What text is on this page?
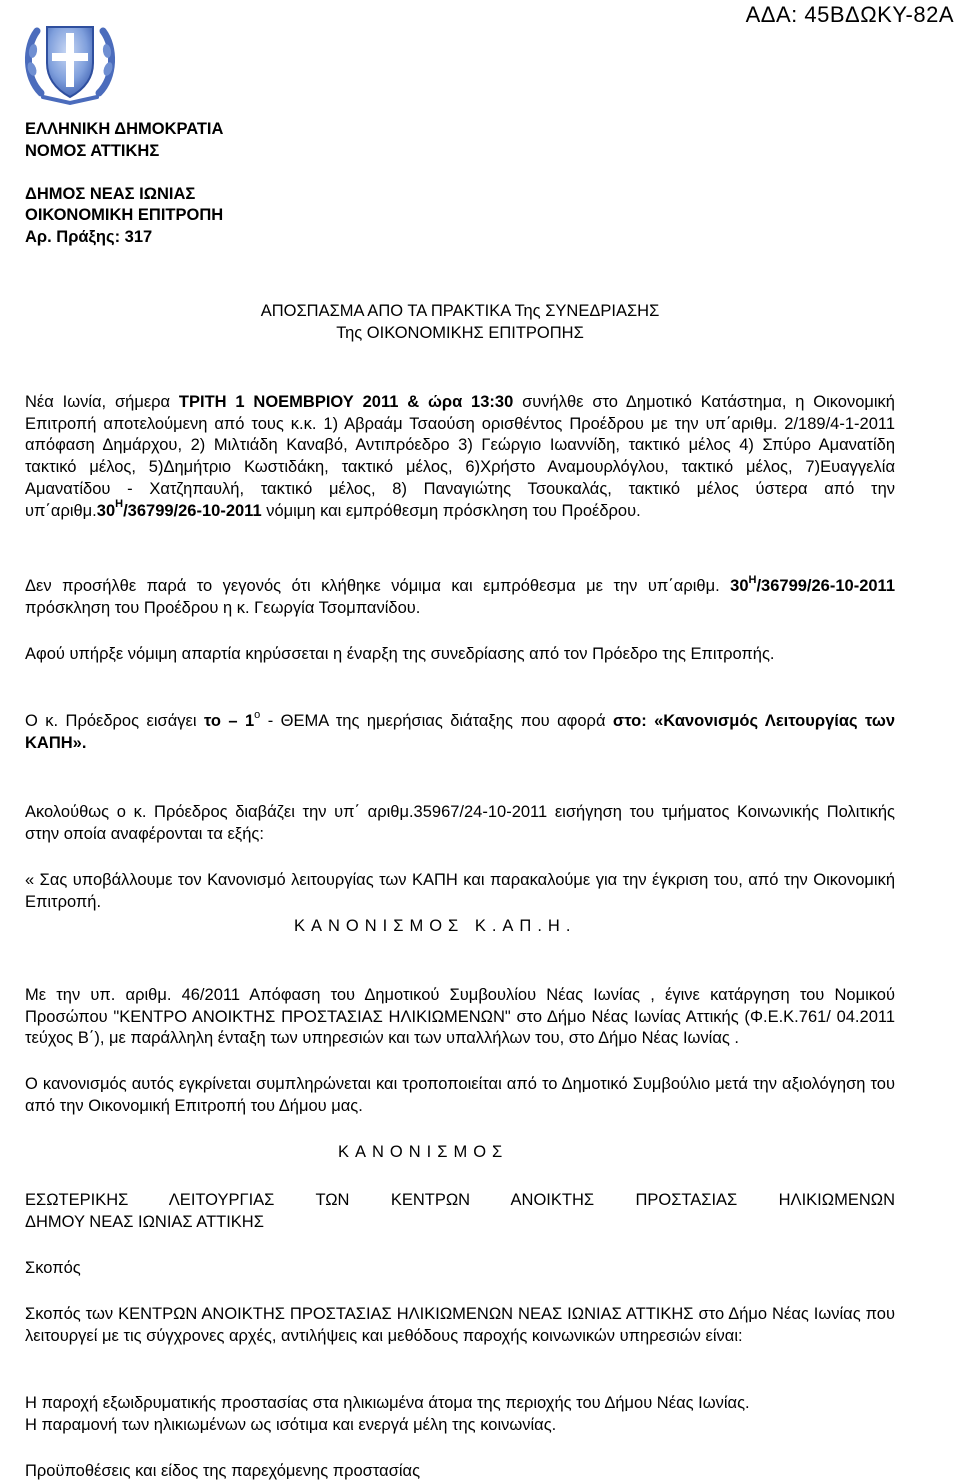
ΑΔΑ: 45ΒΔΩΚΥ-82Α
ΕΛΛΗΝΙΚΗ ΔΗΜΟΚΡΑΤΙΑ
ΝΟΜΟΣ ΑΤΤΙΚΗΣ
ΔΗΜΟΣ ΝΕΑΣ ΙΩΝΙΑΣ
ΟΙΚΟΝΟΜΙΚΗ ΕΠΙΤΡΟΠΗ
Αρ. Πράξης: 317
ΑΠΟΣΠΑΣΜΑ ΑΠΟ ΤΑ ΠΡΑΚΤΙΚΑ Της ΣΥΝΕΔΡΙΑΣΗΣ
Της ΟΙΚΟΝΟΜΙΚΗΣ ΕΠΙΤΡΟΠΗΣ

Νέα Ιωνία, σήμερα ΤΡΙΤΗ 1 ΝΟΕΜΒΡΙΟΥ 2011 & ώρα 13:30 συνήλθε στο Δημοτικό Κατάστημα, η Οικονομική Επιτροπή αποτελούμενη από τους κ.κ. 1) Αβραάμ Τσαούση ορισθέντος Προέδρου με την υπ΄αριθμ. 2/189/4-1-2011 απόφαση Δημάρχου, 2) Μιλτιάδη Καναβό, Αντιπρόεδρο 3) Γεώργιο Ιωαννίδη, τακτικό μέλος 4) Σπύρο Αμανατίδη τακτικό μέλος, 5)Δημήτριο Κωστιδάκη, τακτικό μέλος, 6)Χρήστο Αναμουρλόγλου, τακτικό μέλος, 7)Ευαγγελία Αμανατίδου - Χατζηπαυλή, τακτικό μέλος, 8) Παναγιώτης Τσουκαλάς, τακτικό μέλος ύστερα από την $\upsilon\pi΄\alpha\rho\iota\theta\mu.30^H/36799/26-10-2011$ νόμιμη και εμπρόθεσμη πρόσκληση του Προέδρου.

Δεν προσήλθε παρά το γεγονός ότι κλήθηκε νόμιμα και εμπρόθεσμα με την υπ΄αριθμ. $30^H/36799/26-10-2011$ πρόσκληση του Προέδρου η κ. Γεωργία Τσομπανίδου.

Αφού υπήρξε νόμιμη απαρτία κηρύσσεται η έναρξη της συνεδρίασης από τον Πρόεδρο της Επιτροπής.

Ο κ. Πρόεδρος εισάγει το – $1^o$ - ΘΕΜΑ της ημερήσιας διάταξης που αφορά στο: «Κανονισμός Λειτουργίας των ΚΑΠΗ».

Ακολούθως ο κ. Πρόεδρος διαβάζει την υπ΄ αριθμ.35967/24-10-2011 εισήγηση του τμήματος Κοινωνικής Πολιτικής στην οποία αναφέρονται τα εξής:

« Σας υποβάλλουμε τον Κανονισμό λειτουργίας των ΚΑΠΗ και παρακαλούμε για την έγκριση του, από την Οικονομική Επιτροπή.

ΚΑΝΟΝΙΣΜΟΣ Κ.ΑΠ.Η.

Με την υπ. αριθμ. 46/2011 Απόφαση του Δημοτικού Συμβουλίου Νέας Ιωνίας , έγινε κατάργηση του Νομικού Προσώπου "ΚΕΝΤΡΟ ΑΝΟΙΚΤΗΣ ΠΡΟΣΤΑΣΙΑΣ ΗΛΙΚΙΩΜΕΝΩΝ" στο Δήμο Νέας Ιωνίας Αττικής (Φ.Ε.Κ.761/ 04.2011 τεύχος Β΄), με παράλληλη ένταξη των υπηρεσιών και των υπαλλήλων του, στο Δήμο Νέας Ιωνίας .

Ο κανονισμός αυτός εγκρίνεται συμπληρώνεται και τροποποιείται από το Δημοτικό Συμβούλιο μετά την αξιολόγηση του από την Οικονομική Επιτροπή του Δήμου μας.

ΚΑΝΟΝΙΣΜΟΣ
ΕΣΩΤΕΡΙΚΗΣ ΛΕΙΤΟΥΡΓΙΑΣ ΤΩΝ ΚΕΝΤΡΩΝ ΑΝΟΙΚΤΗΣ ΠΡΟΣΤΑΣΙΑΣ ΗΛΙΚΙΩΜΕΝΩΝ
ΔΗΜΟΥ ΝΕΑΣ ΙΩΝΙΑΣ ΑΤΤΙΚΗΣ
Σκοπός

Σκοπός των ΚΕΝΤΡΩΝ ΑΝΟΙΚΤΗΣ ΠΡΟΣΤΑΣΙΑΣ ΗΛΙΚΙΩΜΕΝΩΝ ΝΕΑΣ ΙΩΝΙΑΣ ΑΤΤΙΚΗΣ στο Δήμο Νέας Ιωνίας που λειτουργεί με τις σύγχρονες αρχές, αντιλήψεις και μεθόδους παροχής κοινωνικών υπηρεσιών είναι:

Η παροχή εξωιδρυματικής προστασίας στα ηλικιωμένα άτομα της περιοχής του Δήμου Νέας Ιωνίας.
Η παραμονή των ηλικιωμένων ως ισότιμα και ενεργά μέλη της κοινωνίας.
Προϋποθέσεις και είδος της παρεχόμενης προστασίας
